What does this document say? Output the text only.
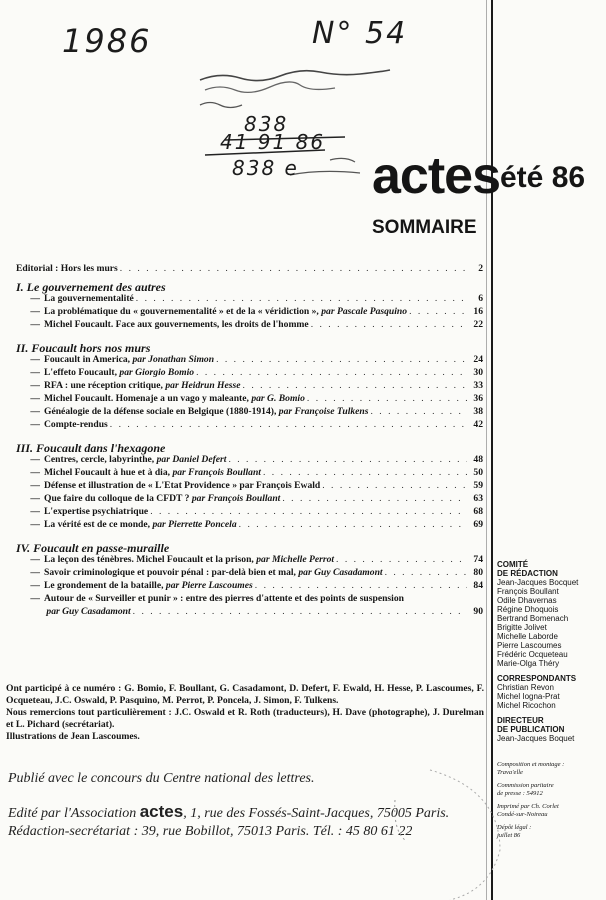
1986	N° 54
838
41 91 86
838 e actes été 86
SOMMAIRE
Editorial : Hors les murs . . .	2
I. Le gouvernement des autres
— La gouvernementalité . . .	6
— La problématique du « gouvernementalité » et de la « véridiction », par Pascale Pasquino . . .	16
— Michel Foucault. Face aux gouvernements, les droits de l'homme . . .	22
II. Foucault hors nos murs
— Foucault in America, par Jonathan Simon . . .	24
— L'effeto Foucault, par Giorgio Bomio . . .	30
— RFA : une réception critique, par Heidrun Hesse . . .	33
— Michel Foucault. Homenaje a un vago y maleante, par G. Bomio . . .	36
— Généalogie de la défense sociale en Belgique (1880-1914), par Françoise Tulkens . . .	38
— Compte-rendus . . .	42
III. Foucault dans l'hexagone
— Centres, cercle, labyrinthe, par Daniel Defert . . .	48
— Michel Foucault à hue et à dia, par François Boullant . . .	50
— Défense et illustration de « L'Etat Providence » par François Ewald . . .	59
— Que faire du colloque de la CFDT ? par François Boullant . . .	63
— L'expertise psychiatrique . . .	68
— La vérité est de ce monde, par Pierrette Poncela . . .	69
IV. Foucault en passe-muraille
— La leçon des ténèbres. Michel Foucault et la prison, par Michelle Perrot . . .	74
— Savoir criminologique et pouvoir pénal : par-delà bien et mal, par Guy Casadamont . . .	80
— Le grondement de la bataille, par Pierre Lascoumes . . .	84
— Autour de « Surveiller et punir » : entre des pierres d'attente et des points de suspension
par Guy Casadamont . . .	90
Ont participé à ce numéro : G. Bomio, F. Boullant, G. Casadamont, D. Defert, F. Ewald, H. Hesse, P. Lascoumes, F. Ocqueteau, J.C. Oswald, P. Pasquino, M. Perrot, P. Poncela, J. Simon, F. Tulkens.
Nous remercions tout particulièrement : J.C. Oswald et R. Roth (traducteurs), H. Dave (photographe), J. Durelman et L. Pichard (secrétariat).
Illustrations de Jean Lascoumes.
COMITÉ
DE RÉDACTION
Jean-Jacques Bocquet
François Boullant
Odile Dhavernas
Régine Dhoquois
Bertrand Bomenach
Brigitte Jolivet
Michelle Laborde
Pierre Lascoumes
Frédéric Ocqueteau
Marie-Olga Théry
CORRESPONDANTS
Christian Revon
Michel Iogna-Prat
Michel Ricochon
DIRECTEUR
DE PUBLICATION
Jean-Jacques Boquet
Composition et montage :
Trava'elle
Commission paritaire
de presse : 54912
Imprimé par Ch. Corlet
Condé-sur-Noireau
Dépôt légal :
juillet 86
Publié avec le concours du Centre national des lettres.
Edité par l'Association actes, 1, rue des Fossés-Saint-Jacques, 75005 Paris.
Rédaction-secrétariat : 39, rue Bobillot, 75013 Paris. Tél. : 45 80 61 22
